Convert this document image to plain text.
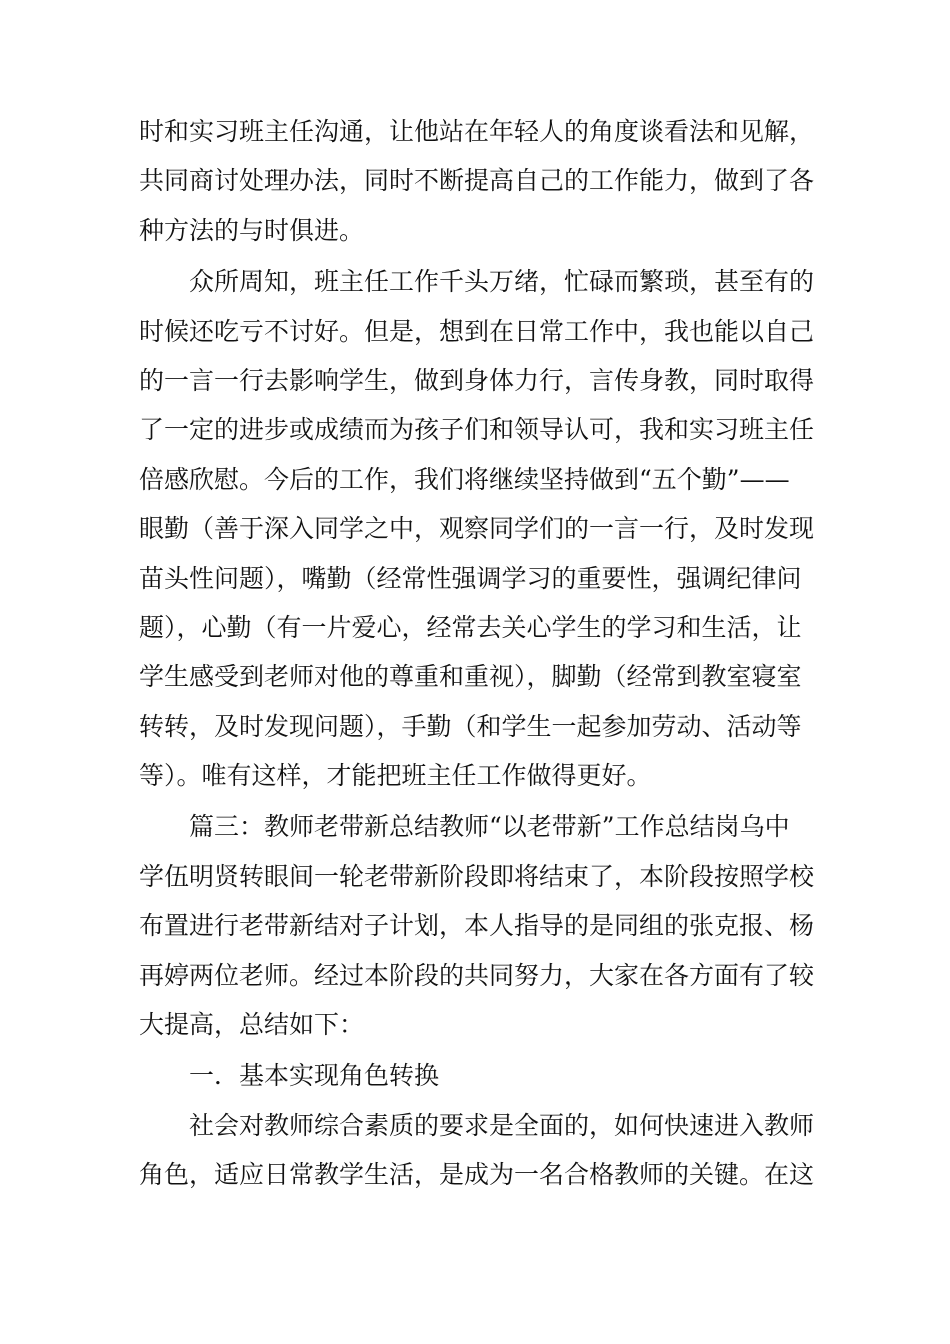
时和实习班主任沟通，让他站在年轻人的角度谈看法和见解，
共同商讨处理办法，同时不断提高自己的工作能力，做到了各
种方法的与时俱进。
众所周知，班主任工作千头万绪，忙碌而繁琐，甚至有的
时候还吃亏不讨好。但是，想到在日常工作中，我也能以自己
的一言一行去影响学生，做到身体力行，言传身教，同时取得
了一定的进步或成绩而为孩子们和领导认可，我和实习班主任
倍感欣慰。今后的工作，我们将继续坚持做到“五个勤”——
眼勤（善于深入同学之中，观察同学们的一言一行，及时发现
苗头性问题），嘴勤（经常性强调学习的重要性，强调纪律问
题），心勤（有一片爱心，经常去关心学生的学习和生活，让
学生感受到老师对他的尊重和重视），脚勤（经常到教室寝室
转转，及时发现问题），手勤（和学生一起参加劳动、活动等
等）。唯有这样，才能把班主任工作做得更好。
篇三：教师老带新总结教师“以老带新”工作总结岗乌中
学伍明贤转眼间一轮老带新阶段即将结束了，本阶段按照学校
布置进行老带新结对子计划，本人指导的是同组的张克报、杨
再婷两位老师。经过本阶段的共同努力，大家在各方面有了较
大提高，总结如下：
一．基本实现角色转换
社会对教师综合素质的要求是全面的，如何快速进入教师
角色，适应日常教学生活，是成为一名合格教师的关键。在这
